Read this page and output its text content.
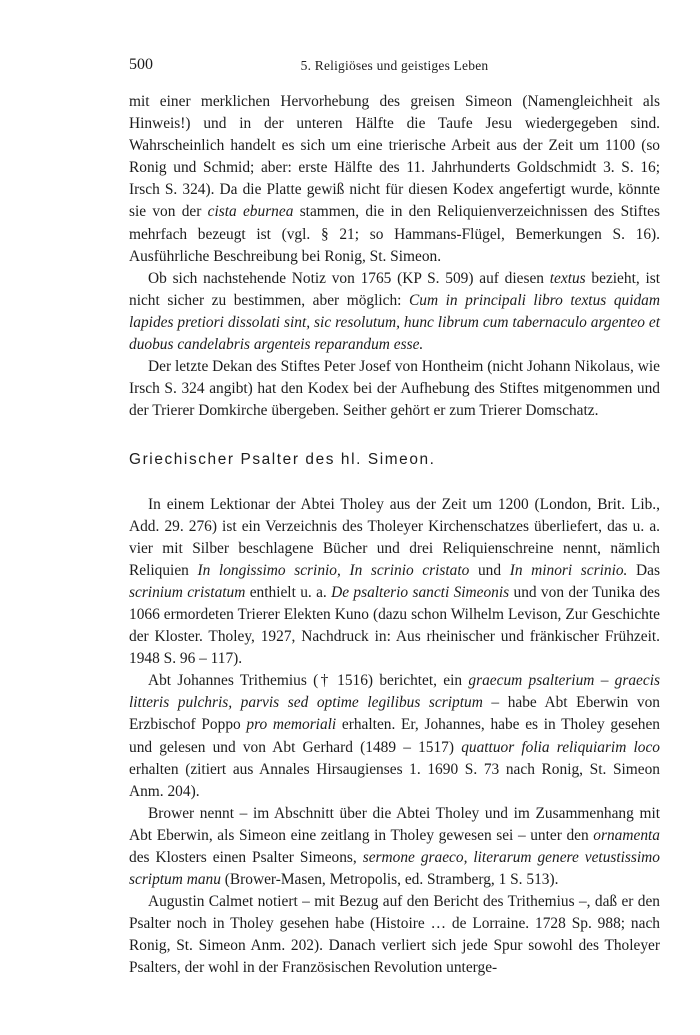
500	5. Religiöses und geistiges Leben

mit einer merklichen Hervorhebung des greisen Simeon (Namengleichheit als Hinweis!) und in der unteren Hälfte die Taufe Jesu wiedergegeben sind. Wahrscheinlich handelt es sich um eine trierische Arbeit aus der Zeit um 1100 (so Ronig und Schmid; aber: erste Hälfte des 11. Jahrhunderts Goldschmidt 3. S. 16; Irsch S. 324). Da die Platte gewiß nicht für diesen Kodex angefertigt wurde, könnte sie von der cista eburnea stammen, die in den Reliquienverzeichnissen des Stiftes mehrfach bezeugt ist (vgl. § 21; so Hammans-Flügel, Bemerkungen S. 16). Ausführliche Beschreibung bei Ronig, St. Simeon.

Ob sich nachstehende Notiz von 1765 (KP S. 509) auf diesen textus bezieht, ist nicht sicher zu bestimmen, aber möglich: Cum in principali libro textus quidam lapides pretiori dissolati sint, sic resolutum, hunc librum cum tabernaculo argenteo et duobus candelabris argenteis reparandum esse.

Der letzte Dekan des Stiftes Peter Josef von Hontheim (nicht Johann Nikolaus, wie Irsch S. 324 angibt) hat den Kodex bei der Aufhebung des Stiftes mitgenommen und der Trierer Domkirche übergeben. Seither gehört er zum Trierer Domschatz.

Griechischer Psalter des hl. Simeon.

In einem Lektionar der Abtei Tholey aus der Zeit um 1200 (London, Brit. Lib., Add. 29. 276) ist ein Verzeichnis des Tholeyer Kirchenschatzes überliefert, das u. a. vier mit Silber beschlagene Bücher und drei Reliquienschreine nennt, nämlich Reliquien In longissimo scrinio, In scrinio cristato und In minori scrinio. Das scrinium cristatum enthielt u. a. De psalterio sancti Simeonis und von der Tunika des 1066 ermordeten Trierer Elekten Kuno (dazu schon Wilhelm Levison, Zur Geschichte der Kloster. Tholey, 1927, Nachdruck in: Aus rheinischer und fränkischer Frühzeit. 1948 S. 96 – 117).

Abt Johannes Trithemius († 1516) berichtet, ein graecum psalterium – graecis litteris pulchris, parvis sed optime legilibus scriptum – habe Abt Eberwin von Erzbischof Poppo pro memoriali erhalten. Er, Johannes, habe es in Tholey gesehen und gelesen und von Abt Gerhard (1489 – 1517) quattuor folia reliquiarim loco erhalten (zitiert aus Annales Hirsaugienses 1. 1690 S. 73 nach Ronig, St. Simeon Anm. 204).

Brower nennt – im Abschnitt über die Abtei Tholey und im Zusammenhang mit Abt Eberwin, als Simeon eine zeitlang in Tholey gewesen sei – unter den ornamenta des Klosters einen Psalter Simeons, sermone graeco, literarum genere vetustissimo scriptum manu (Brower-Masen, Metropolis, ed. Stramberg, 1 S. 513).

Augustin Calmet notiert – mit Bezug auf den Bericht des Trithemius –, daß er den Psalter noch in Tholey gesehen habe (Histoire … de Lorraine. 1728 Sp. 988; nach Ronig, St. Simeon Anm. 202). Danach verliert sich jede Spur sowohl des Tholeyer Psalters, der wohl in der Französischen Revolution unterge-
